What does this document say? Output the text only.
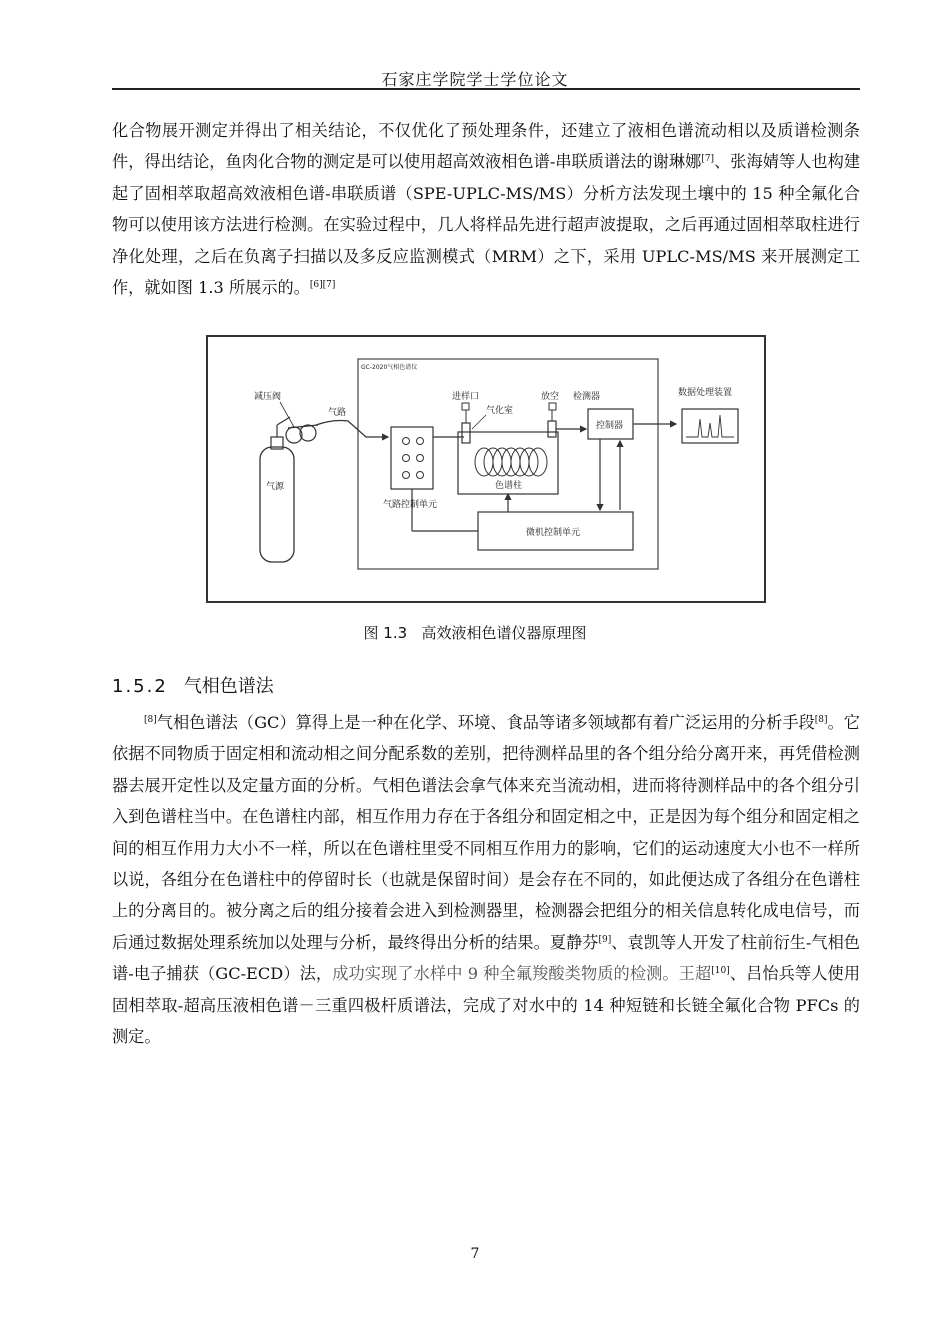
石家庄学院学士学位论文

化合物展开测定并得出了相关结论，不仅优化了预处理条件，还建立了液相色谱流动相以及质谱检测条件，得出结论，鱼肉化合物的测定是可以使用超高效液相色谱-串联质谱法的谢琳娜[7]、张海婧等人也构建起了固相萃取超高效液相色谱-串联质谱（SPE-UPLC-MS/MS）分析方法发现土壤中的 15 种全氟化合物可以使用该方法进行检测。在实验过程中，几人将样品先进行超声波提取，之后再通过固相萃取柱进行净化处理，之后在负离子扫描以及多反应监测模式（MRM）之下，采用 UPLC-MS/MS 来开展测定工作，就如图 1.3 所展示的。[6][7]

GC-2020气相色谱仪
气源
减压阀
气路
气路控制单元
色谱柱
进样口
气化室
放空 检测器
控制器
数据处理装置
微机控制单元
图 1.3 高效液相色谱仪器原理图
1.5.2 气相色谱法

[8]气相色谱法（GC）算得上是一种在化学、环境、食品等诸多领域都有着广泛运用的分析手段[8]。它依据不同物质于固定相和流动相之间分配系数的差别，把待测样品里的各个组分给分离开来，再凭借检测器去展开定性以及定量方面的分析。气相色谱法会拿气体来充当流动相，进而将待测样品中的各个组分引入到色谱柱当中。在色谱柱内部，相互作用力存在于各组分和固定相之中，正是因为每个组分和固定相之间的相互作用力大小不一样，所以在色谱柱里受不同相互作用力的影响，它们的运动速度大小也不一样所以说，各组分在色谱柱中的停留时长（也就是保留时间）是会存在不同的，如此便达成了各组分在色谱柱上的分离目的。被分离之后的组分接着会进入到检测器里，检测器会把组分的相关信息转化成电信号，而后通过数据处理系统加以处理与分析，最终得出分析的结果。夏静芬[9]、袁凯等人开发了柱前衍生-气相色谱-电子捕获（GC-ECD）法，成功实现了水样中 9 种全氟羧酸类物质的检测。王超[10]、吕怡兵等人使用固相萃取-超高压液相色谱－三重四极杆质谱法，完成了对水中的 14 种短链和长链全氟化合物 PFCs 的测定。

7
